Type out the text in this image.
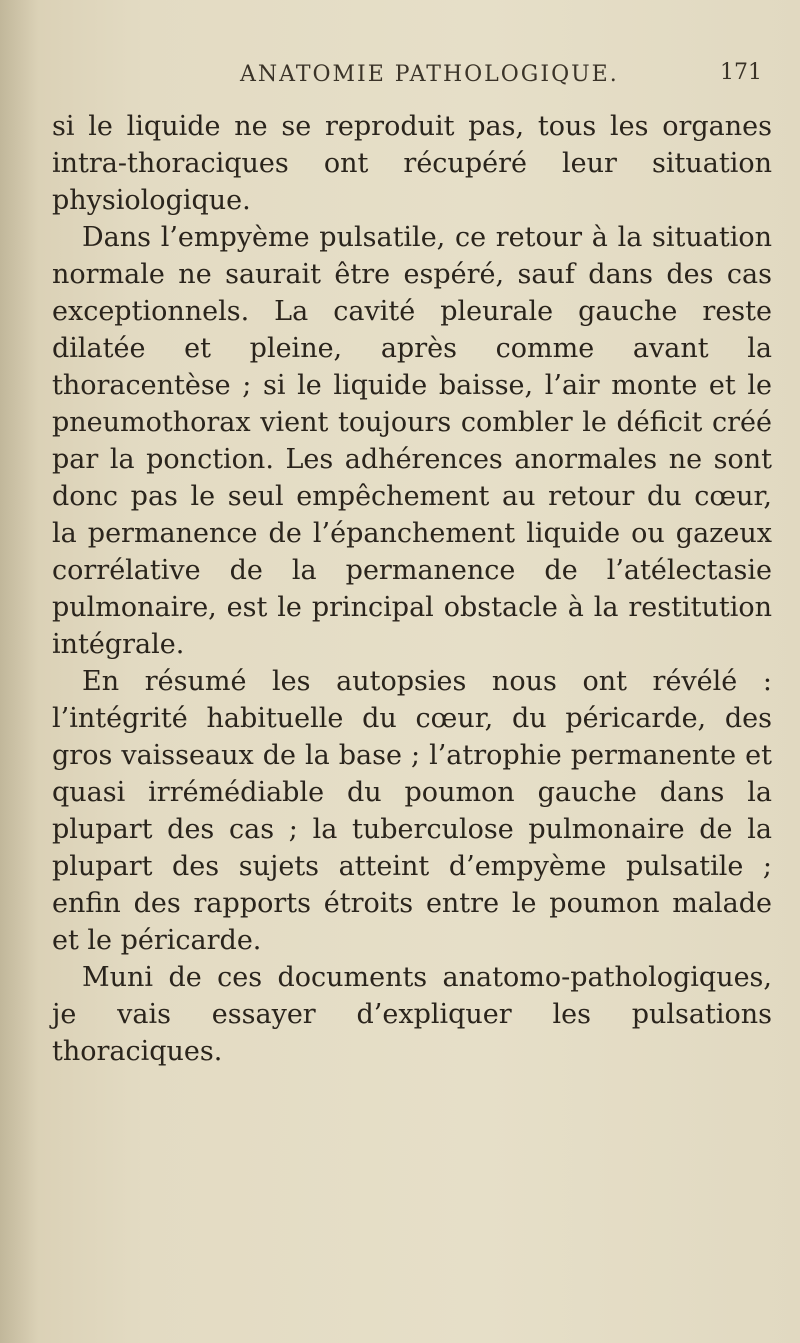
ANATOMIE PATHOLOGIQUE.	171

si le liquide ne se reproduit pas, tous les organes intra-thoraciques ont récupéré leur situation physiologique.

Dans l’empyème pulsatile, ce retour à la situation normale ne saurait être espéré, sauf dans des cas exceptionnels. La cavité pleurale gauche reste dilatée et pleine, après comme avant la thoracentèse ; si le liquide baisse, l’air monte et le pneumothorax vient toujours combler le déficit créé par la ponction. Les adhérences anormales ne sont donc pas le seul empêchement au retour du cœur, la permanence de l’épanchement liquide ou gazeux corrélative de la permanence de l’atélectasie pulmonaire, est le principal obstacle à la restitution intégrale.

En résumé les autopsies nous ont révélé : l’intégrité habituelle du cœur, du péricarde, des gros vaisseaux de la base ; l’atrophie permanente et quasi irrémédiable du poumon gauche dans la plupart des cas ; la tuberculose pulmonaire de la plupart des sujets atteint d’empyème pulsatile ; enfin des rapports étroits entre le poumon malade et le péricarde.

Muni de ces documents anatomo-pathologiques, je vais essayer d’expliquer les pulsations thoraciques.
